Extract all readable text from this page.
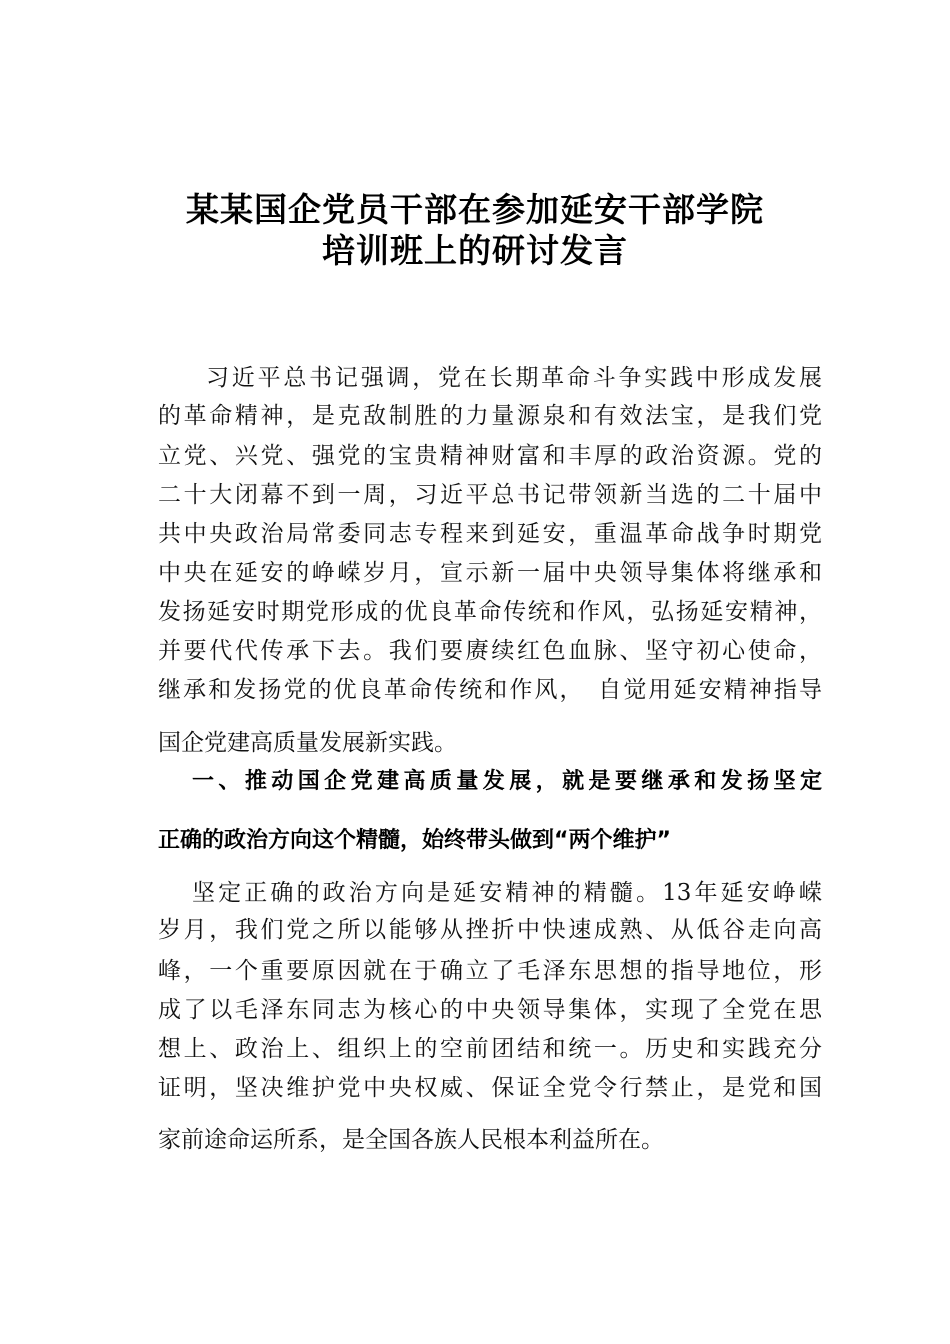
某某国企党员干部在参加延安干部学院
培训班上的研讨发言
习近平总书记强调，党在长期革命斗争实践中形成发展
的革命精神，是克敌制胜的力量源泉和有效法宝，是我们党
立党、兴党、强党的宝贵精神财富和丰厚的政治资源。党的
二十大闭幕不到一周，习近平总书记带领新当选的二十届中
共中央政治局常委同志专程来到延安，重温革命战争时期党
中央在延安的峥嵘岁月，宣示新一届中央领导集体将继承和
发扬延安时期党形成的优良革命传统和作风，弘扬延安精神，
并要代代传承下去。我们要赓续红色血脉、坚守初心使命，
继承和发扬党的优良革命传统和作风，　自觉用延安精神指导
国企党建高质量发展新实践。
一、推动国企党建高质量发展，就是要继承和发扬坚定
正确的政治方向这个精髓，始终带头做到“两个维护”
坚定正确的政治方向是延安精神的精髓。13年延安峥嵘
岁月，我们党之所以能够从挫折中快速成熟、从低谷走向高
峰，一个重要原因就在于确立了毛泽东思想的指导地位，形
成了以毛泽东同志为核心的中央领导集体，实现了全党在思
想上、政治上、组织上的空前团结和统一。历史和实践充分
证明，坚决维护党中央权威、保证全党令行禁止，是党和国
家前途命运所系，是全国各族人民根本利益所在。
